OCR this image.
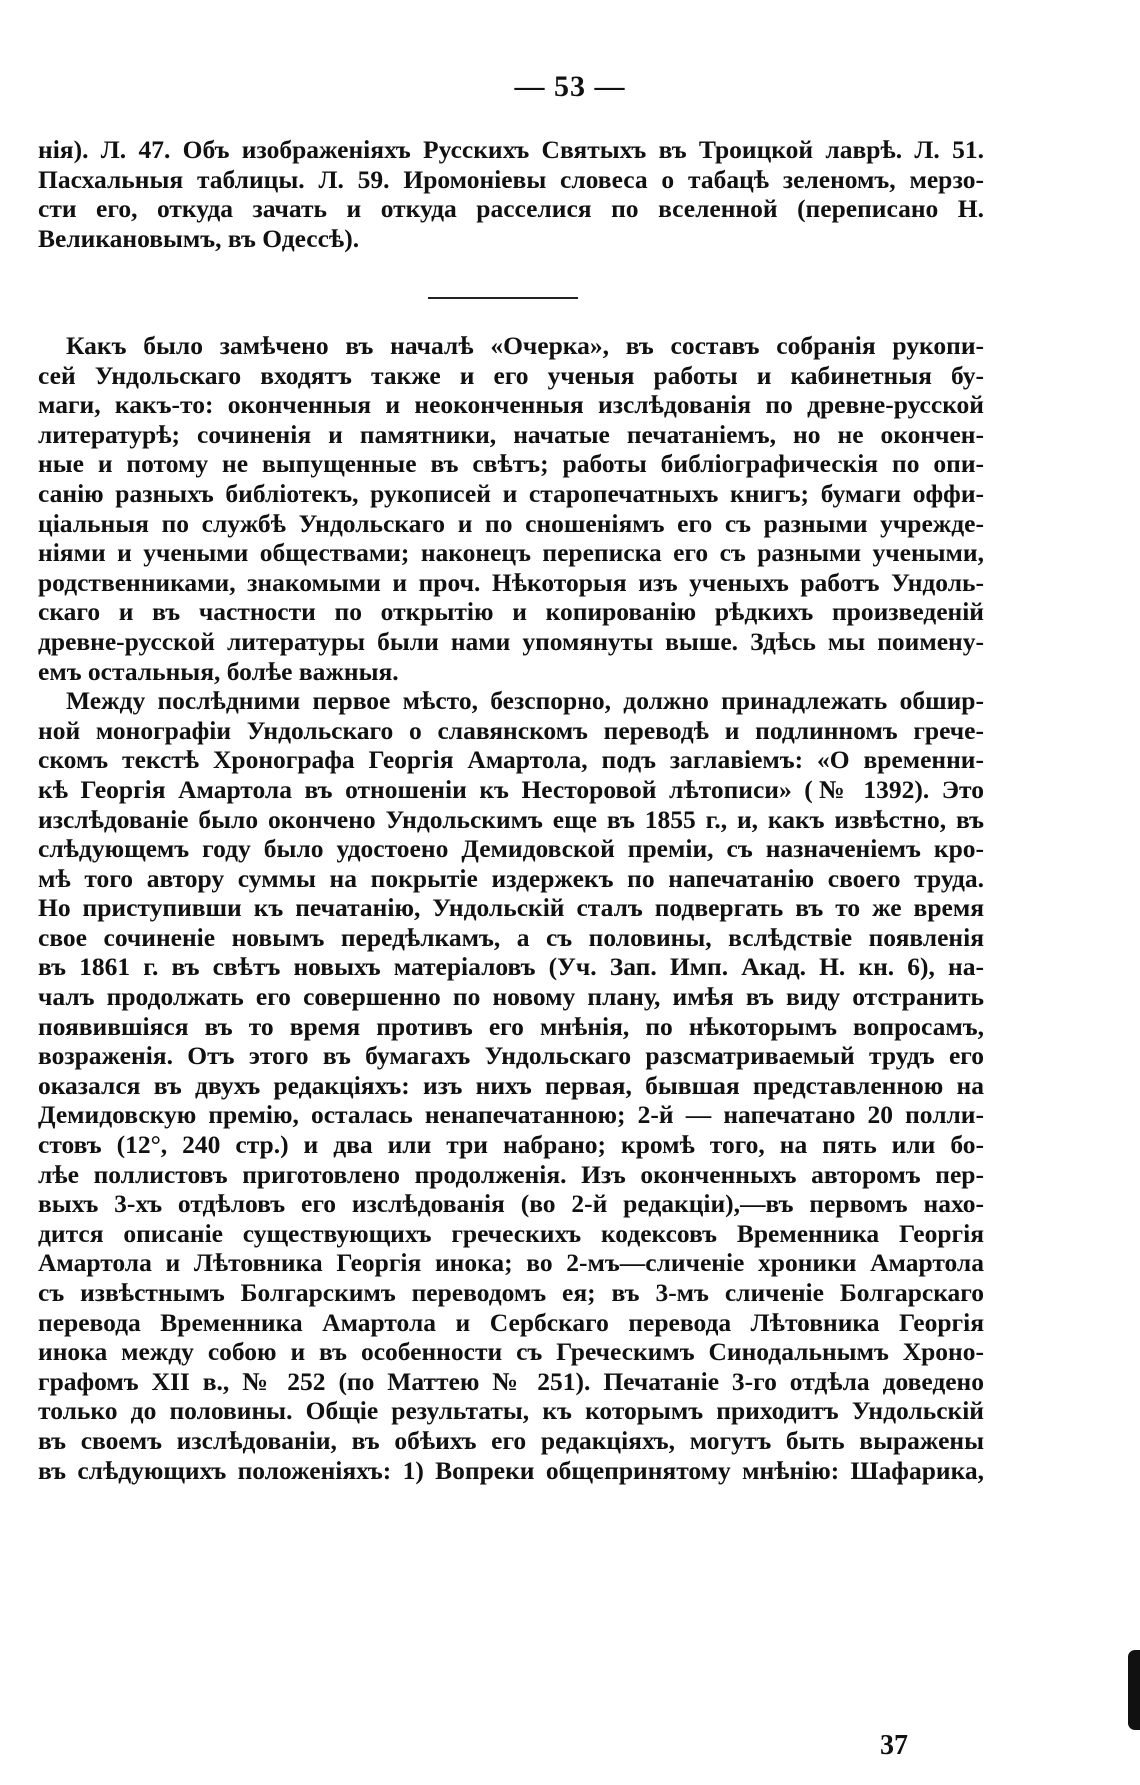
— 53 —
нія). Л. 47. Объ изображеніяхъ Русскихъ Святыхъ въ Троицкой лаврѣ. Л. 51.
Пасхальныя таблицы. Л. 59. Иромоніевы словеса о табацѣ зеленомъ, мерзо-
сти его, откуда зачать и откуда расселися по вселенной (переписано Н.
Великановымъ, въ Одессѣ).
Какъ было замѣчено въ началѣ «Очерка», въ составъ собранія рукопи-
сей Ундольскаго входятъ также и его ученыя работы и кабинетныя бу-
маги, какъ-то: оконченныя и неоконченныя изслѣдованія по древне-русской
литературѣ; сочиненія и памятники, начатые печатаніемъ, но не окончен-
ные и потому не выпущенные въ свѣтъ; работы библіографическія по опи-
санію разныхъ библіотекъ, рукописей и старопечатныхъ книгъ; бумаги оффи-
ціальныя по службѣ Ундольскаго и по сношеніямъ его съ разными учрежде-
ніями и учеными обществами; наконецъ переписка его съ разными учеными,
родственниками, знакомыми и проч. Нѣкоторыя изъ ученыхъ работъ Ундоль-
скаго и въ частности по открытію и копированію рѣдкихъ произведеній
древне-русской литературы были нами упомянуты выше. Здѣсь мы поимену-
емъ остальныя, болѣе важныя.
Между послѣдними первое мѣсто, безспорно, должно принадлежать обшир-
ной монографіи Ундольскаго о славянскомъ переводѣ и подлинномъ грече-
скомъ текстѣ Хронографа Георгія Амартола, подъ заглавіемъ: «О временни-
кѣ Георгія Амартола въ отношеніи къ Несторовой лѣтописи» (№ 1392). Это
изслѣдованіе было окончено Ундольскимъ еще въ 1855 г., и, какъ извѣстно, въ
слѣдующемъ году было удостоено Демидовской преміи, съ назначеніемъ кро-
мѣ того автору суммы на покрытіе издержекъ по напечатанію своего труда.
Но приступивши къ печатанію, Ундольскій сталъ подвергать въ то же время
свое сочиненіе новымъ передѣлкамъ, а съ половины, вслѣдствіе появленія
въ 1861 г. въ свѣтъ новыхъ матеріаловъ (Уч. Зап. Имп. Акад. Н. кн. 6), на-
чалъ продолжать его совершенно по новому плану, имѣя въ виду отстранить
появившіяся въ то время противъ его мнѣнія, по нѣкоторымъ вопросамъ,
возраженія. Отъ этого въ бумагахъ Ундольскаго разсматриваемый трудъ его
оказался въ двухъ редакціяхъ: изъ нихъ первая, бывшая представленною на
Демидовскую премію, осталась ненапечатанною; 2-й — напечатано 20 полли-
стовъ (12°, 240 стр.) и два или три набрано; кромѣ того, на пять или бо-
лѣе поллистовъ приготовлено продолженія. Изъ оконченныхъ авторомъ пер-
выхъ 3-хъ отдѣловъ его изслѣдованія (во 2-й редакціи),—въ первомъ нахо-
дится описаніе существующихъ греческихъ кодексовъ Временника Георгія
Амартола и Лѣтовника Георгія инока; во 2-мъ—сличеніе хроники Амартола
съ извѣстнымъ Болгарскимъ переводомъ ея; въ 3-мъ сличеніе Болгарскаго
перевода Временника Амартола и Сербскаго перевода Лѣтовника Георгія
инока между собою и въ особенности съ Греческимъ Синодальнымъ Хроно-
графомъ XII в., № 252 (по Маттею № 251). Печатаніе 3-го отдѣла доведено
только до половины. Общіе результаты, къ которымъ приходитъ Ундольскій
въ своемъ изслѣдованіи, въ обѣихъ его редакціяхъ, могутъ быть выражены
въ слѣдующихъ положеніяхъ: 1) Вопреки общепринятому мнѣнію: Шафарика,
37
